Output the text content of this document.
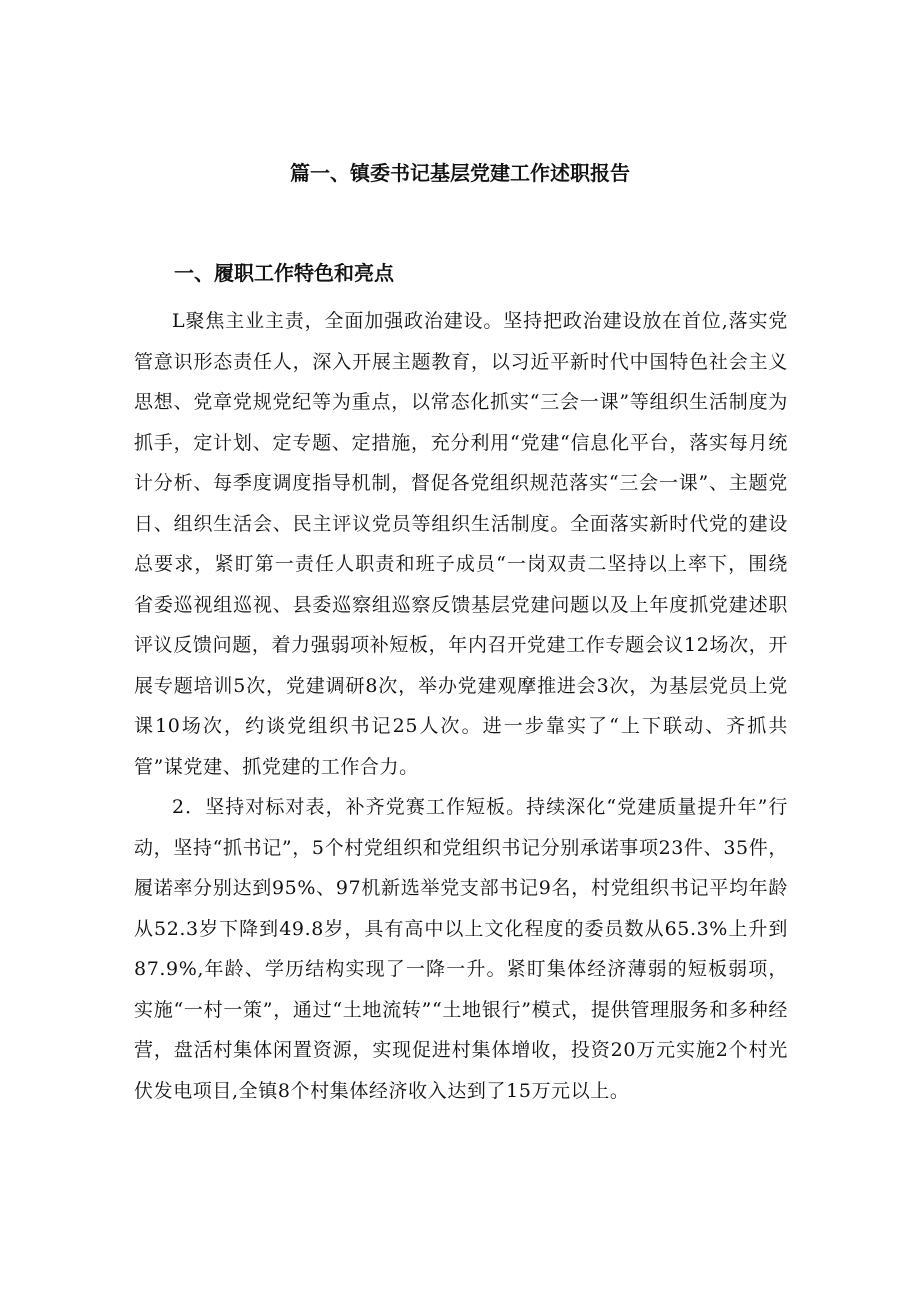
篇一、镇委书记基层党建工作述职报告
一、履职工作特色和亮点

L聚焦主业主责，全面加强政治建设。坚持把政治建设放在首位,落实党管意识形态责任人，深入开展主题教育，以习近平新时代中国特色社会主义思想、党章党规党纪等为重点，以常态化抓实“三会一课”等组织生活制度为抓手，定计划、定专题、定措施，充分利用“党建“信息化平台，落实每月统计分析、每季度调度指导机制，督促各党组织规范落实“三会一课”、主题党日、组织生活会、民主评议党员等组织生活制度。全面落实新时代党的建设总要求，紧盯第一责任人职责和班子成员“一岗双责二坚持以上率下，围绕省委巡视组巡视、县委巡察组巡察反馈基层党建问题以及上年度抓党建述职评议反馈问题，着力强弱项补短板，年内召开党建工作专题会议12场次，开展专题培训5次，党建调研8次，举办党建观摩推进会3次，为基层党员上党课10场次，约谈党组织书记25人次。进一步靠实了“上下联动、齐抓共管”谋党建、抓党建的工作合力。

2．坚持对标对表，补齐党赛工作短板。持续深化“党建质量提升年”行动，坚持“抓书记”，5个村党组织和党组织书记分别承诺事项23件、35件，履诺率分别达到95%、97机新选举党支部书记9名，村党组织书记平均年龄从52.3岁下降到49.8岁，具有高中以上文化程度的委员数从65.3%上升到87.9%,年龄、学历结构实现了一降一升。紧盯集体经济薄弱的短板弱项，实施“一村一策”，通过“土地流转”“土地银行”模式，提供管理服务和多种经营，盘活村集体闲置资源，实现促进村集体增收，投资20万元实施2个村光伏发电项目,全镇8个村集体经济收入达到了15万元以上。
